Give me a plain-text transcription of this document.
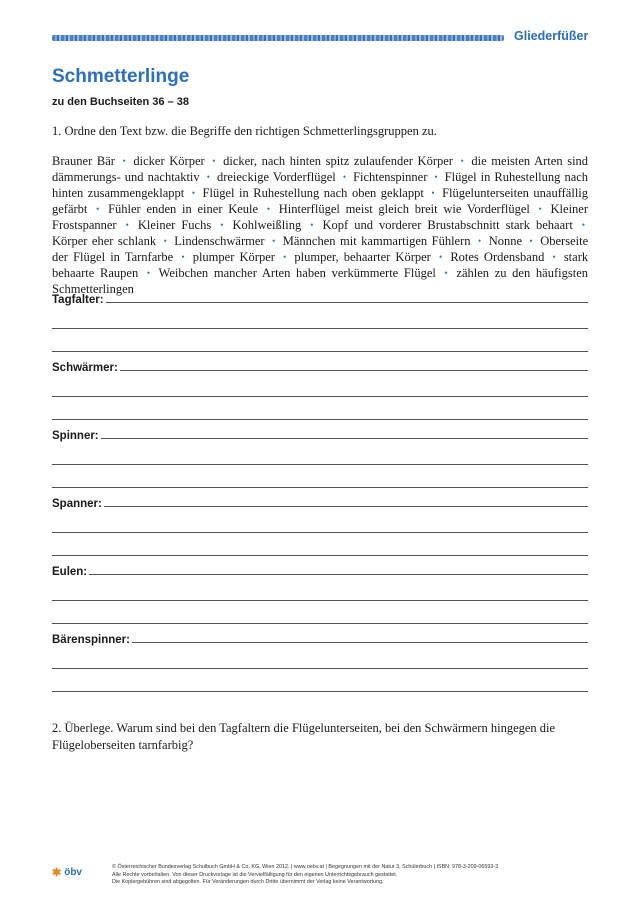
Gliederfüßer
Schmetterlinge
zu den Buchseiten 36 – 38
1. Ordne den Text bzw. die Begriffe den richtigen Schmetterlingsgruppen zu.
Brauner Bär • dicker Körper • dicker, nach hinten spitz zulaufender Körper • die meisten Arten sind dämmerungs- und nachtaktiv • dreieckige Vorderflügel • Fichtenspinner • Flügel in Ruhestellung nach hinten zusammengeklappt • Flügel in Ruhestellung nach oben geklappt • Flügelunterseiten unauffällig gefärbt • Fühler enden in einer Keule • Hinterflügel meist gleich breit wie Vorderflügel • Kleiner Frostspanner • Kleiner Fuchs • Kohlweißling • Kopf und vorderer Brustabschnitt stark behaart • Körper eher schlank • Lindenschwärmer • Männchen mit kammartigen Fühlern • Nonne • Oberseite der Flügel in Tarnfarbe • plumper Körper • plumper, behaarter Körper • Rotes Ordensband • stark behaarte Raupen • Weibchen mancher Arten haben verkümmerte Flügel • zählen zu den häufigsten Schmetterlingen
Tagfalter:
Schwärmer:
Spinner:
Spanner:
Eulen:
Bärenspinner:
2. Überlege. Warum sind bei den Tagfaltern die Flügelunterseiten, bei den Schwärmern hingegen die Flügeloberseiten tarnfarbig?
✱ öbv	© Österreichischer Bundesverlag Schulbuch GmbH & Co. KG, Wien 2012. | www.oebv.at | Begegnungen mit der Natur 3, Schülerbuch | ISBN: 978-3-209-06593-3
Alle Rechte vorbehalten. Von dieser Druckvorlage ist die Vervielfältigung für den eigenen Unterrichtsgebrauch gestattet.
Die Kopiergebühren sind abgegolten. Für Veränderungen durch Dritte übernimmt der Verlag keine Verantwortung.
